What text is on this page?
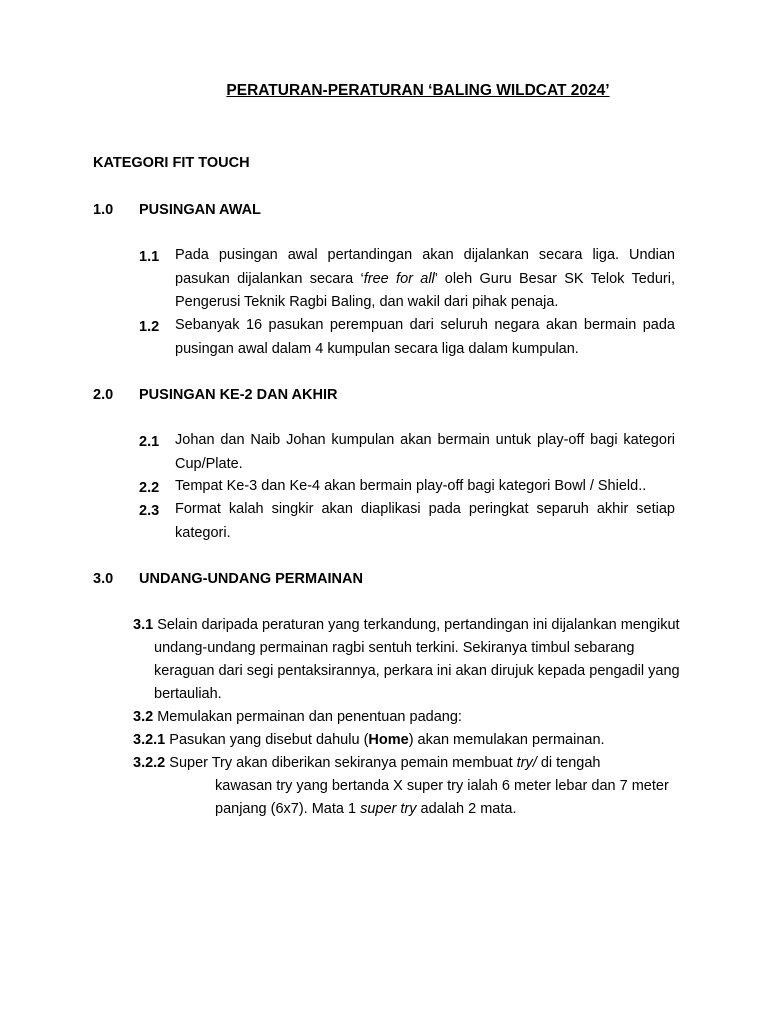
PERATURAN-PERATURAN ‘BALING WILDCAT 2024’
KATEGORI FIT TOUCH
1.0 PUSINGAN AWAL
1.1 Pada pusingan awal pertandingan akan dijalankan secara liga. Undian pasukan dijalankan secara ‘free for all’ oleh Guru Besar SK Telok Teduri, Pengerusi Teknik Ragbi Baling, dan wakil dari pihak penaja.
1.2 Sebanyak 16 pasukan perempuan dari seluruh negara akan bermain pada pusingan awal dalam 4 kumpulan secara liga dalam kumpulan.
2.0 PUSINGAN KE-2 DAN AKHIR
2.1 Johan dan Naib Johan kumpulan akan bermain untuk play-off bagi kategori Cup/Plate.
2.2 Tempat Ke-3 dan Ke-4 akan bermain play-off bagi kategori Bowl / Shield..
2.3 Format kalah singkir akan diaplikasi pada peringkat separuh akhir setiap kategori.
3.0 UNDANG-UNDANG PERMAINAN
3.1 Selain daripada peraturan yang terkandung, pertandingan ini dijalankan mengikut
undang-undang permainan ragbi sentuh terkini. Sekiranya timbul sebarang
keraguan dari segi pentaksirannya, perkara ini akan dirujuk kepada pengadil yang
bertauliah.
3.2 Memulakan permainan dan penentuan padang:
3.2.1 Pasukan yang disebut dahulu (Home) akan memulakan permainan.
3.2.2 Super Try akan diberikan sekiranya pemain membuat try/ di tengah
kawasan try yang bertanda X super try ialah 6 meter lebar dan 7 meter
panjang (6x7). Mata 1 super try adalah 2 mata.
